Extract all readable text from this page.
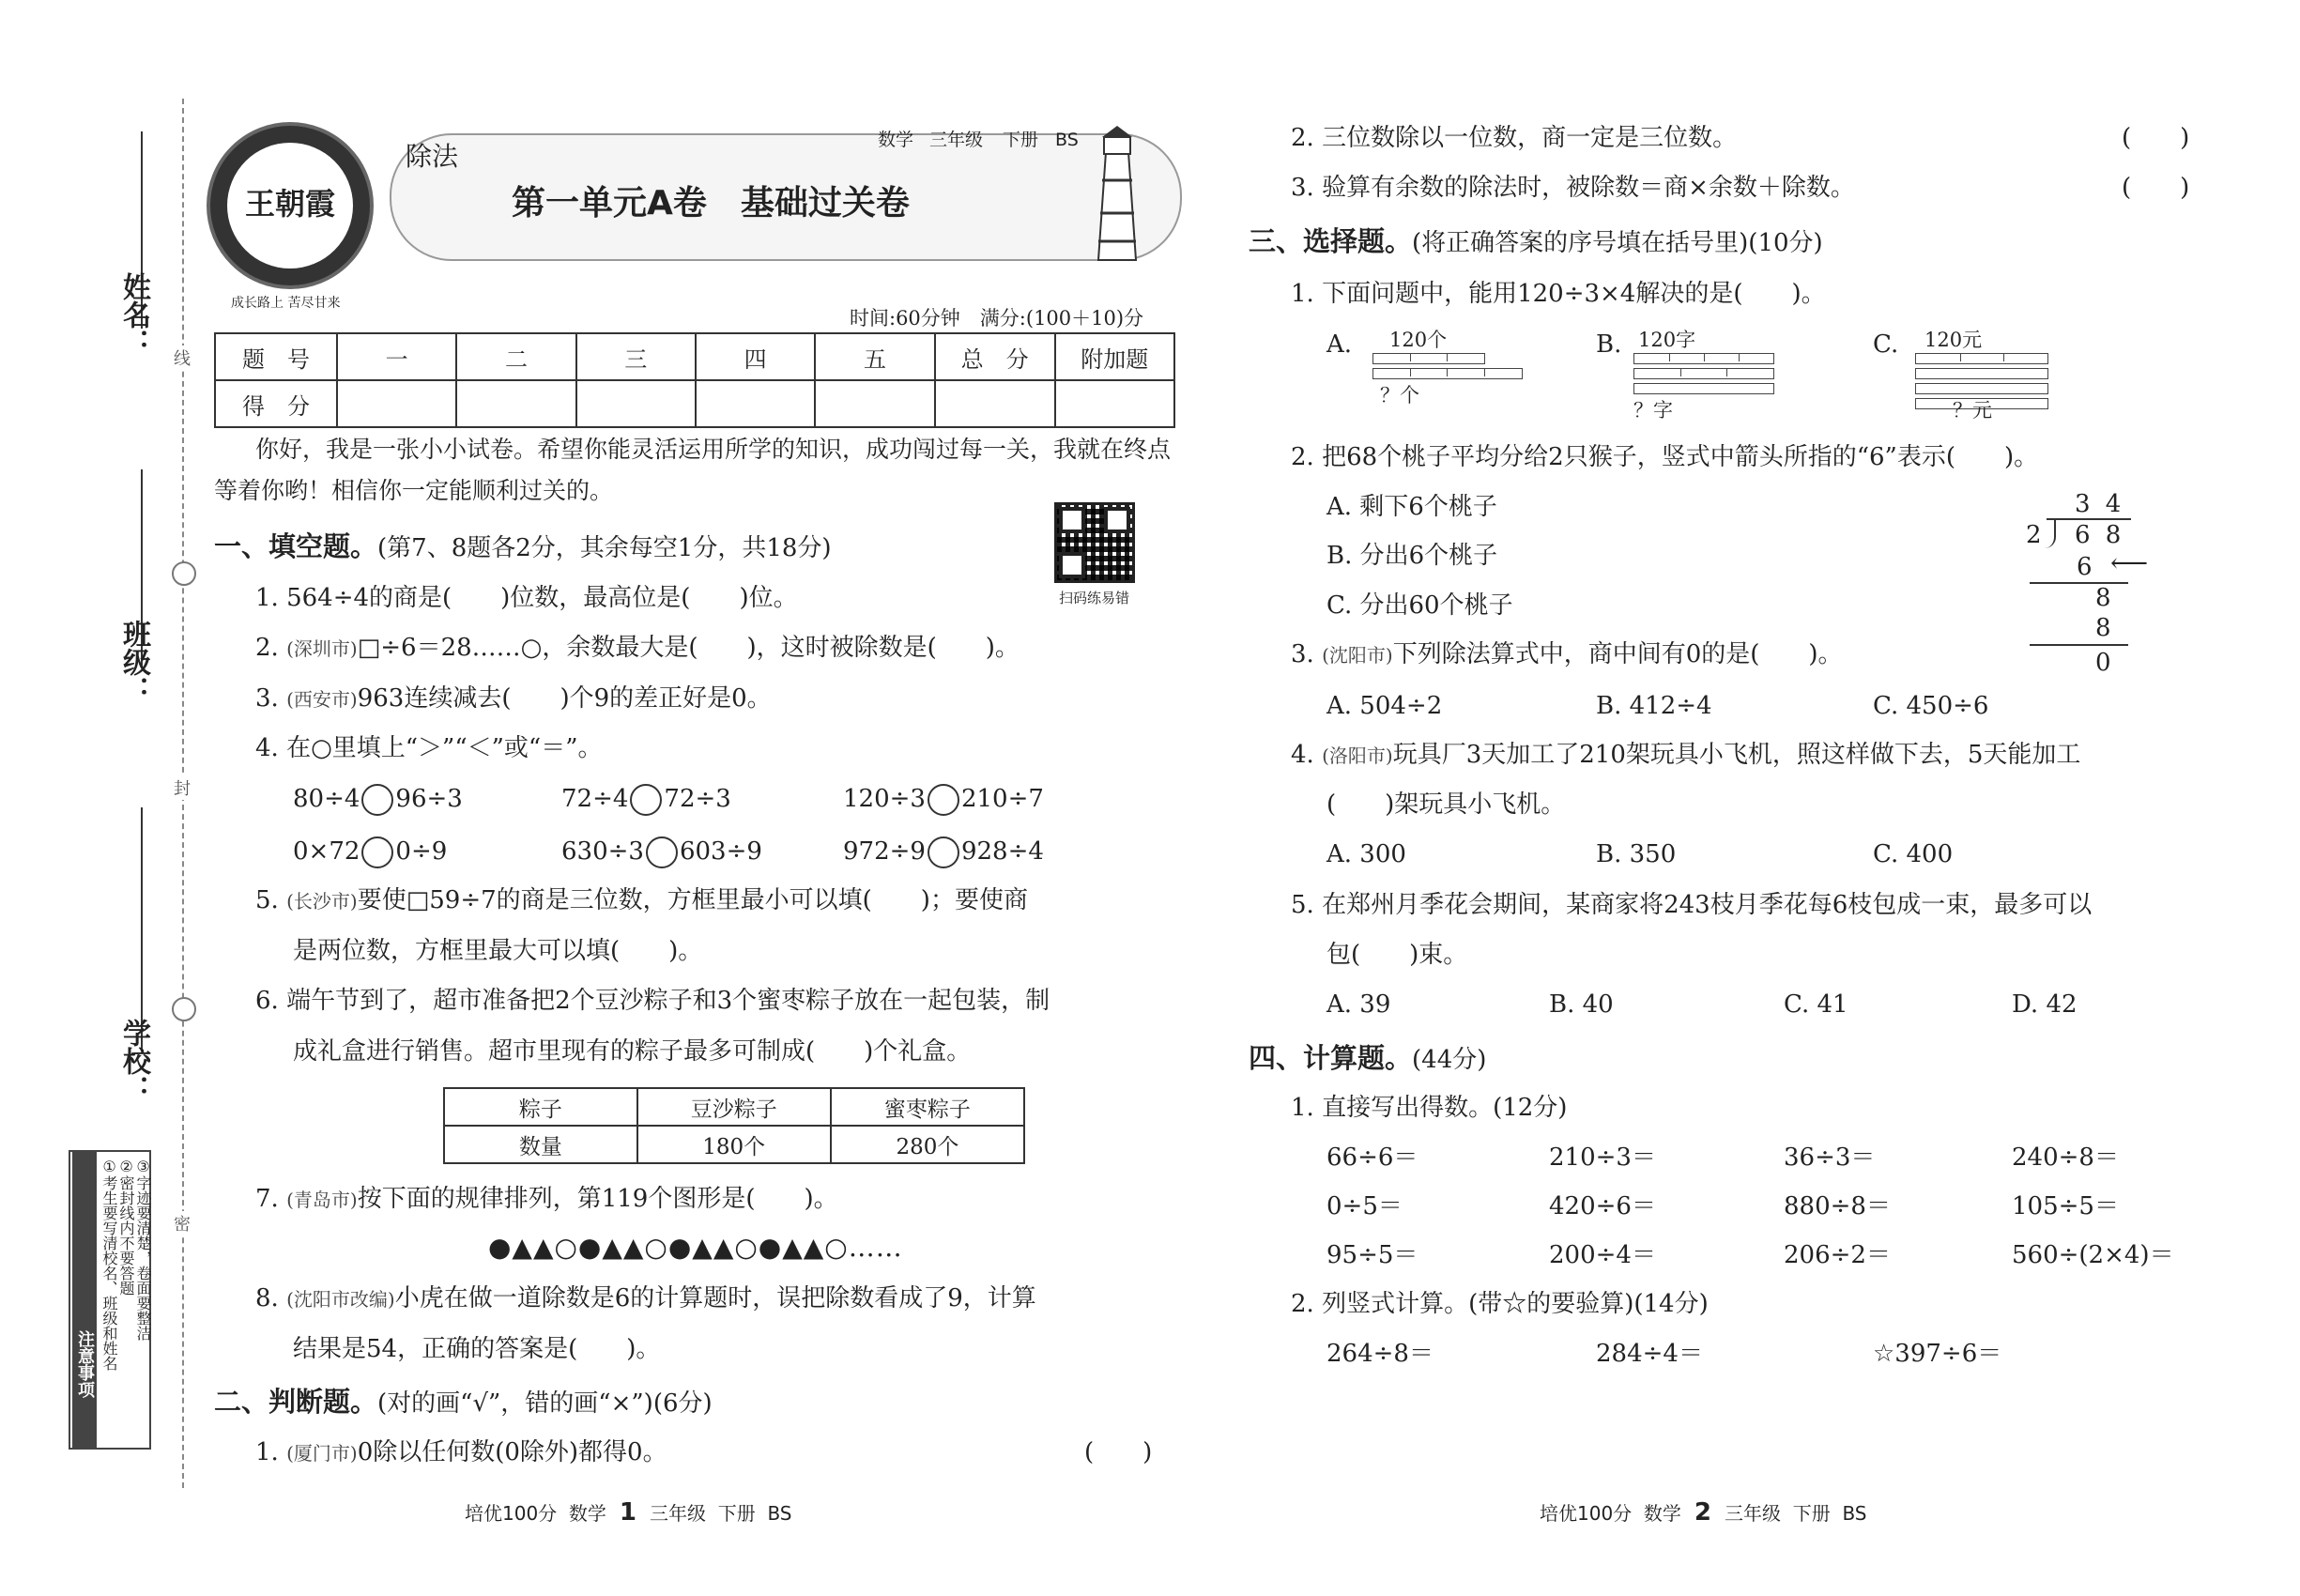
姓名：
班级：
学校：
注意事项 ①考生要写清校名、班级和姓名 ②密封线内不要答题 ③字迹要清楚，卷面要整洁
线
封
密
王朝霞
成长路上 苦尽甘来
除法
数学 三年级 下册 BS
第一单元A卷　基础过关卷
时间:60分钟　满分:(100＋10)分
题　号	一	二	三	四	五	总　分	附加题
得　分							
你好，我是一张小小试卷。希望你能灵活运用所学的知识，成功闯过每一关，我就在终点
等着你哟！相信你一定能顺利过关的。
扫码练易错
一、填空题。(第7、8题各2分，其余每空1分，共18分)
1. 564÷4的商是(　　)位数，最高位是(　　)位。
2. (深圳市)□÷6＝28……○，余数最大是(　　)，这时被除数是(　　)。
3. (西安市)963连续减去(　　)个9的差正好是0。
4. 在○里填上“＞”“＜”或“＝”。
80÷4 96÷3	72÷4 72÷3	120÷3 210÷7
0×72 0÷9	630÷3 603÷9	972÷9 928÷4
5. (长沙市)要使□59÷7的商是三位数，方框里最小可以填(　　)；要使商
是两位数，方框里最大可以填(　　)。
6. 端午节到了，超市准备把2个豆沙粽子和3个蜜枣粽子放在一起包装，制
成礼盒进行销售。超市里现有的粽子最多可制成(　　)个礼盒。
粽子	豆沙粽子	蜜枣粽子
数量	180个	280个
7. (青岛市)按下面的规律排列，第119个图形是(　　)。
●▲▲○●▲▲○●▲▲○●▲▲○……
8. (沈阳市改编)小虎在做一道除数是6的计算题时，误把除数看成了9，计算
结果是54，正确的答案是(　　)。
二、判断题。(对的画“√”，错的画“×”)(6分)
1. (厦门市)0除以任何数(0除外)都得0。	(　　)
2. 三位数除以一位数，商一定是三位数。	(　　)
3. 验算有余数的除法时，被除数＝商×余数＋除数。	(　　)
三、选择题。(将正确答案的序号填在括号里)(10分)
1. 下面问题中，能用120÷3×4解决的是(　　)。
A. 120个
？个
B. 120字
？字
C. 120元
？元
2. 把68个桃子平均分给2只猴子，竖式中箭头所指的“6”表示(　　)。
A. 剩下6个桃子
B. 分出6个桃子
C. 分出60个桃子
3 4
2 6 8
6 ⟵
8
8
0
3. (沈阳市)下列除法算式中，商中间有0的是(　　)。
A. 504÷2	B. 412÷4	C. 450÷6
4. (洛阳市)玩具厂3天加工了210架玩具小飞机，照这样做下去，5天能加工
(　　)架玩具小飞机。
A. 300	B. 350	C. 400
5. 在郑州月季花会期间，某商家将243枝月季花每6枝包成一束，最多可以
包(　　)束。
A. 39	B. 40	C. 41	D. 42
四、计算题。(44分)
1. 直接写出得数。(12分)
66÷6＝	210÷3＝	36÷3＝	240÷8＝
0÷5＝	420÷6＝	880÷8＝	105÷5＝
95÷5＝	200÷4＝	206÷2＝	560÷(2×4)＝
2. 列竖式计算。(带☆的要验算)(14分)
264÷8＝	284÷4＝	☆397÷6＝
培优100分 数学 1 三年级 下册 BS	培优100分 数学 2 三年级 下册 BS
